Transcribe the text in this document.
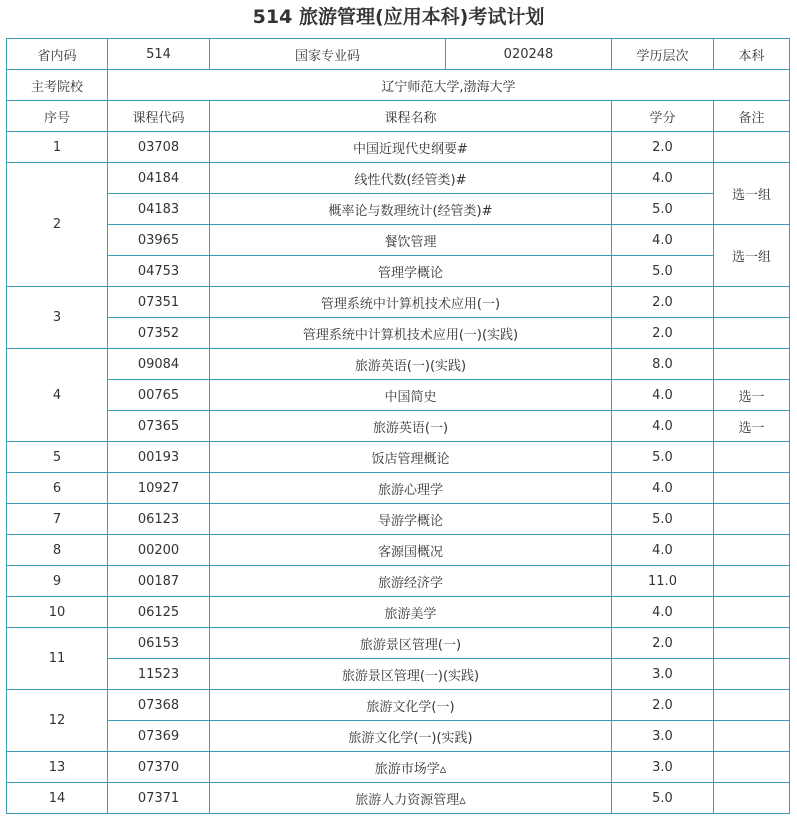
514 旅游管理(应用本科)考试计划
省内码	514	国家专业码	020248	学历层次	本科
主考院校	辽宁师范大学,渤海大学				
序号	课程代码	课程名称		学分	备注
1	03708	中国近现代史纲要#		2.0	
2	04184	线性代数(经管类)#		4.0	选一组
	04183	概率论与数理统计(经管类)#		5.0	
	03965	餐饮管理		4.0	选一组
	04753	管理学概论		5.0	
3	07351	管理系统中计算机技术应用(一)		2.0	
	07352	管理系统中计算机技术应用(一)(实践)		2.0	
4	09084	旅游英语(一)(实践)		8.0	
	00765	中国简史		4.0	选一
	07365	旅游英语(一)		4.0	选一
5	00193	饭店管理概论		5.0	
6	10927	旅游心理学		4.0	
7	06123	导游学概论		5.0	
8	00200	客源国概况		4.0	
9	00187	旅游经济学		11.0	
10	06125	旅游美学		4.0	
11	06153	旅游景区管理(一)		2.0	
	11523	旅游景区管理(一)(实践)		3.0	
12	07368	旅游文化学(一)		2.0	
	07369	旅游文化学(一)(实践)		3.0	
13	07370	旅游市场学▵		3.0	
14	07371	旅游人力资源管理▵		5.0	
